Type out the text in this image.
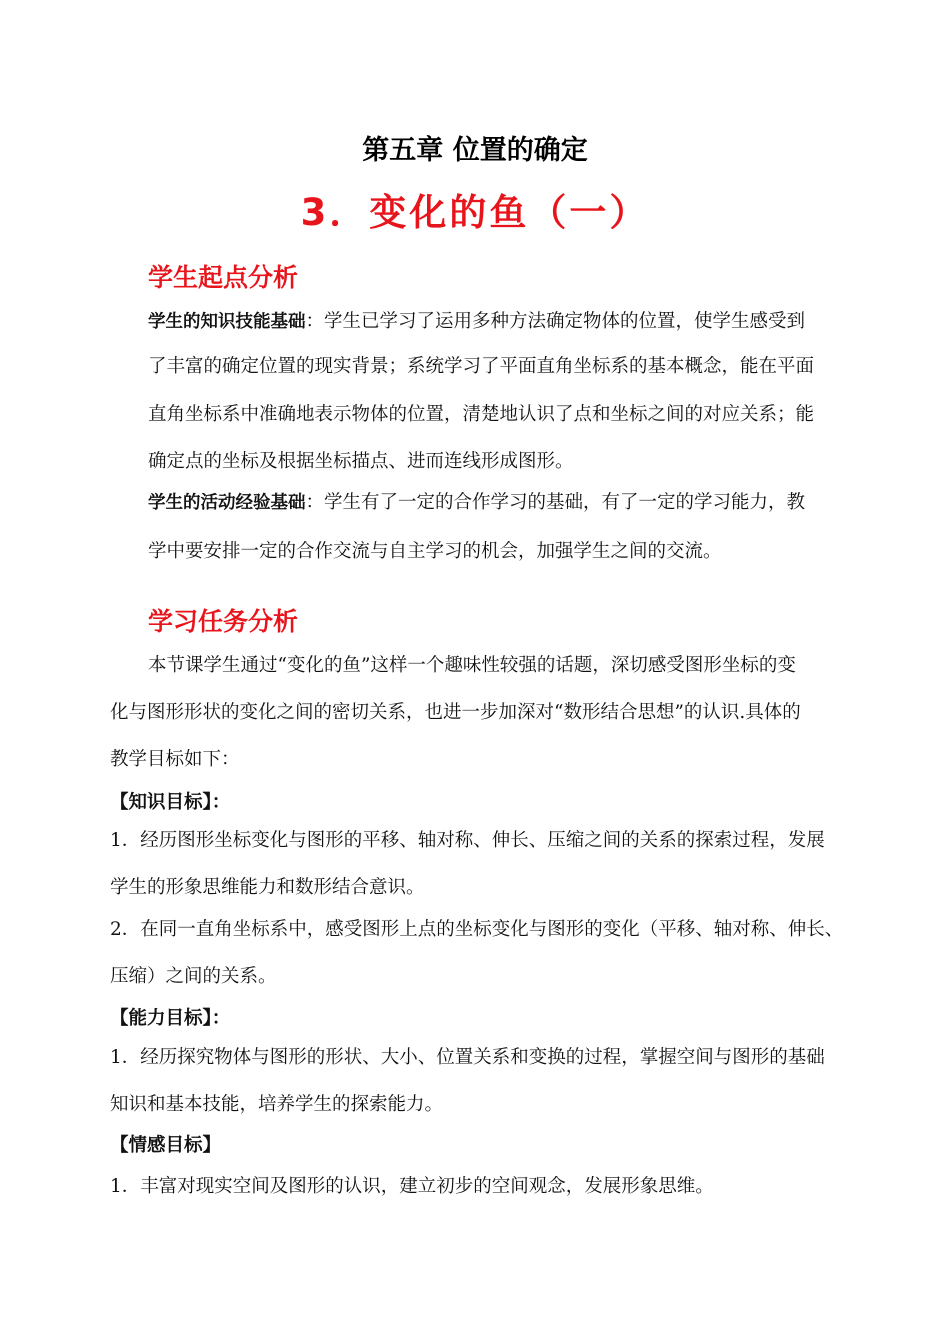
第五章 位置的确定
3．变化的鱼（一）
学生起点分析
学生的知识技能基础：学生已学习了运用多种方法确定物体的位置，使学生感受到
了丰富的确定位置的现实背景；系统学习了平面直角坐标系的基本概念，能在平面
直角坐标系中准确地表示物体的位置，清楚地认识了点和坐标之间的对应关系；能
确定点的坐标及根据坐标描点、进而连线形成图形。
学生的活动经验基础：学生有了一定的合作学习的基础，有了一定的学习能力，教
学中要安排一定的合作交流与自主学习的机会，加强学生之间的交流。
学习任务分析
本节课学生通过“变化的鱼”这样一个趣味性较强的话题，深切感受图形坐标的变
化与图形形状的变化之间的密切关系，也进一步加深对“数形结合思想”的认识.具体的
教学目标如下：
【知识目标】：
1．经历图形坐标变化与图形的平移、轴对称、伸长、压缩之间的关系的探索过程，发展
学生的形象思维能力和数形结合意识。
2．在同一直角坐标系中，感受图形上点的坐标变化与图形的变化（平移、轴对称、伸长、
压缩）之间的关系。
【能力目标】：
1．经历探究物体与图形的形状、大小、位置关系和变换的过程，掌握空间与图形的基础
知识和基本技能，培养学生的探索能力。
【情感目标】
1．丰富对现实空间及图形的认识，建立初步的空间观念，发展形象思维。
